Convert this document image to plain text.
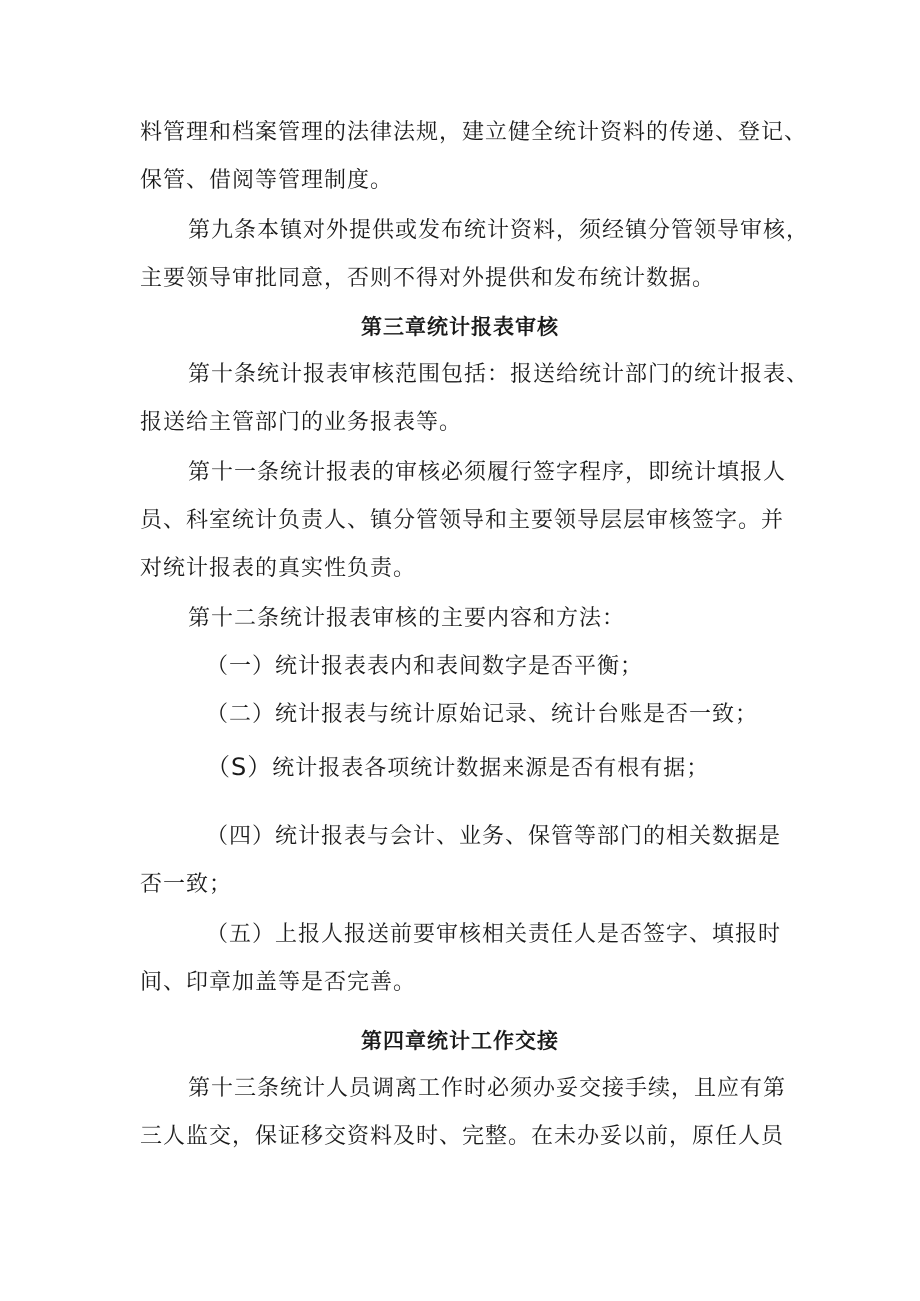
料管理和档案管理的法律法规，建立健全统计资料的传递、登记、
保管、借阅等管理制度。
第九条本镇对外提供或发布统计资料，须经镇分管领导审核，
主要领导审批同意，否则不得对外提供和发布统计数据。
第三章统计报表审核
第十条统计报表审核范围包括：报送给统计部门的统计报表、
报送给主管部门的业务报表等。
第十一条统计报表的审核必须履行签字程序，即统计填报人
员、科室统计负责人、镇分管领导和主要领导层层审核签字。并
对统计报表的真实性负责。
第十二条统计报表审核的主要内容和方法：
（一）统计报表表内和表间数字是否平衡；
（二）统计报表与统计原始记录、统计台账是否一致；
（S）统计报表各项统计数据来源是否有根有据；
（四）统计报表与会计、业务、保管等部门的相关数据是
否一致；
（五）上报人报送前要审核相关责任人是否签字、填报时
间、印章加盖等是否完善。
第四章统计工作交接
第十三条统计人员调离工作时必须办妥交接手续，且应有第
三人监交，保证移交资料及时、完整。在未办妥以前，原任人员
